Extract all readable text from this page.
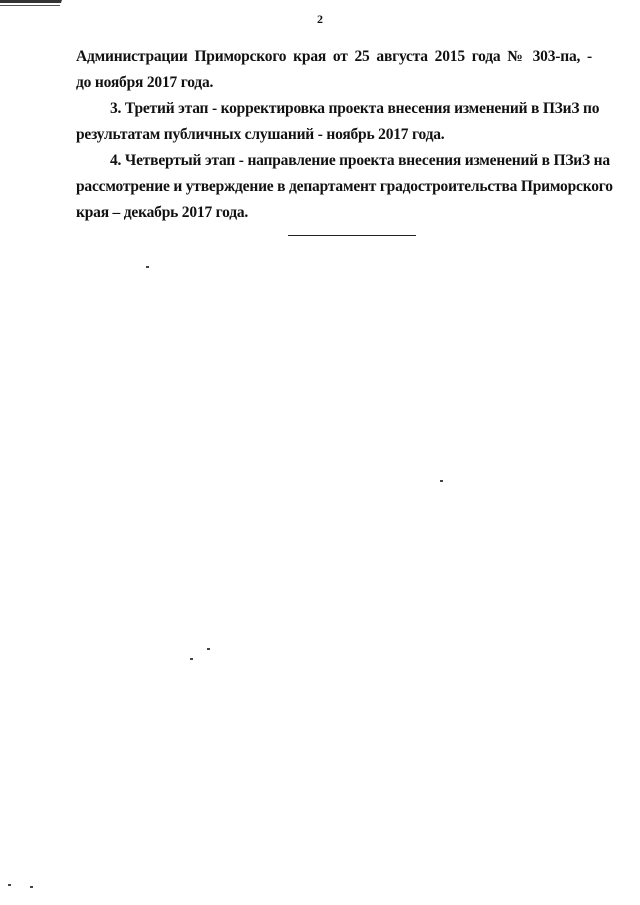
2
Администрации Приморского края от 25 августа 2015 года № 303-па, -
до ноября 2017 года.
3. Третий этап - корректировка проекта внесения изменений в ПЗиЗ по
результатам публичных слушаний - ноябрь 2017 года.
4. Четвертый этап - направление проекта внесения изменений в ПЗиЗ на
рассмотрение и утверждение в департамент градостроительства Приморского
края – декабрь 2017 года.
